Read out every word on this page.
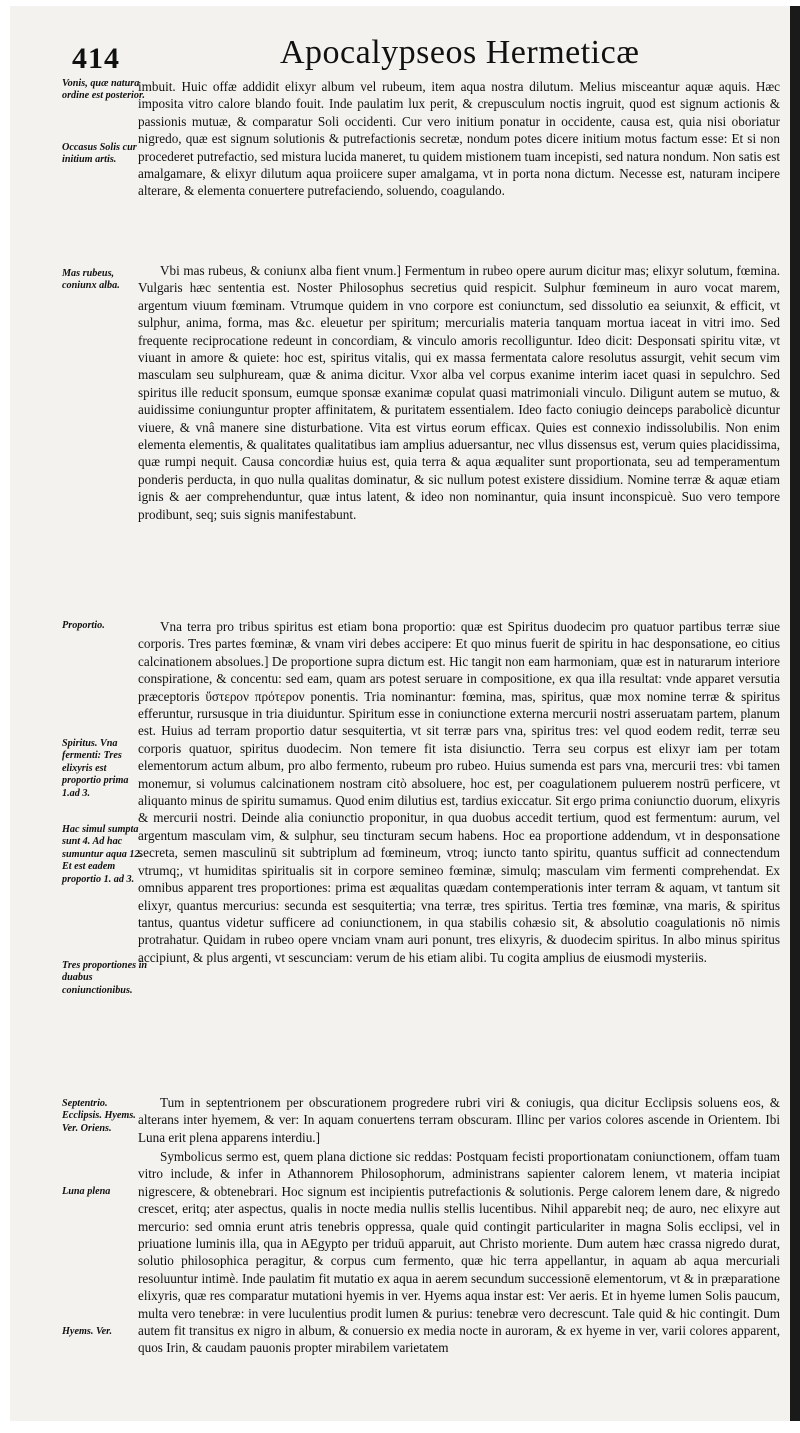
414	Apocalypseos Hermeticæ
Vonis, quæ natura ordine est posterior.
Occasus Solis cur initium artis.
Mas rubeus, coniunx alba.
Proportio.
Spiritus. Vna fermenti: Tres elixyris est proportio prima 1.ad 3.
Hac simul sumpta sunt 4. Ad hac sumuntur aqua 12. Et est eadem proportio 1. ad 3.
Tres proportiones in duabus coniunctionibus.
Septentrio. Ecclipsis. Hyems. Ver. Oriens.
Luna plena
Hyems. Ver.
imbuit. Huic offæ addidit elixyr album vel rubeum, item aqua nostra dilutum. Melius misceantur aquæ aquis. Hæc imposita vitro calore blando fouit. Inde paulatim lux perit, & crepusculum noctis ingruit, quod est signum actionis & passionis mutuæ, & comparatur Soli occidenti. Cur vero initium ponatur in occidente, causa est, quia nisi oboriatur nigredo, quæ est signum solutionis & putrefactionis secretæ, nondum potes dicere initium motus factum esse: Et si non procederet putrefactio, sed mistura lucida maneret, tu quidem mistionem tuam incepisti, sed natura nondum. Non satis est amalgamare, & elixyr dilutum aqua proiicere super amalgama, vt in porta nona dictum. Necesse est, naturam incipere alterare, & elementa conuertere putrefaciendo, soluendo, coagulando.
Vbi mas rubeus, & coniunx alba fient vnum.] Fermentum in rubeo opere aurum dicitur mas; elixyr solutum, fœmina. Vulgaris hæc sententia est. Noster Philosophus secretius quid respicit. Sulphur fœmineum in auro vocat marem, argentum viuum fœminam. Vtrumque quidem in vno corpore est coniunctum, sed dissolutio ea seiunxit, & efficit, vt sulphur, anima, forma, mas &c. eleuetur per spiritum; mercurialis materia tanquam mortua iaceat in vitri imo. Sed frequente reciprocatione redeunt in concordiam, & vinculo amoris recolliguntur. Ideo dicit: Desponsati spiritu vitæ, vt viuant in amore & quiete: hoc est, spiritus vitalis, qui ex massa fermentata calore resolutus assurgit, vehit secum vim masculam seu sulphuream, quæ & anima dicitur. Vxor alba vel corpus exanime interim iacet quasi in sepulchro. Sed spiritus ille reducit sponsum, eumque sponsæ exanimæ copulat quasi matrimoniali vinculo. Diligunt autem se mutuo, & auidissime coniunguntur propter affinitatem, & puritatem essentialem. Ideo facto coniugio deinceps parabolicè dicuntur viuere, & vnâ manere sine disturbatione. Vita est virtus eorum efficax. Quies est connexio indissolubilis. Non enim elementa elementis, & qualitates qualitatibus iam amplius aduersantur, nec vllus dissensus est, verum quies placidissima, quæ rumpi nequit. Causa concordiæ huius est, quia terra & aqua æqualiter sunt proportionata, seu ad temperamentum ponderis perducta, in quo nulla qualitas dominatur, & sic nullum potest existere dissidium. Nomine terræ & aquæ etiam ignis & aer comprehenduntur, quæ intus latent, & ideo non nominantur, quia insunt inconspicuè. Suo vero tempore prodibunt, seq; suis signis manifestabunt.
Vna terra pro tribus spiritus est etiam bona proportio: quæ est Spiritus duodecim pro quatuor partibus terræ siue corporis. Tres partes fœminæ, & vnam viri debes accipere: Et quo minus fuerit de spiritu in hac desponsatione, eo citius calcinationem absolues.] De proportione supra dictum est. Hic tangit non eam harmoniam, quæ est in naturarum interiore conspiratione, & concentu: sed eam, quam ars potest seruare in compositione, ex qua illa resultat: vnde apparet versutia præceptoris ὕστερον πρότερον ponentis. Tria nominantur: fœmina, mas, spiritus, quæ mox nomine terræ & spiritus efferuntur, rursusque in tria diuiduntur. Spiritum esse in coniunctione externa mercurii nostri asseruatam partem, planum est. Huius ad terram proportio datur sesquitertia, vt sit terræ pars vna, spiritus tres: vel quod eodem redit, terræ seu corporis quatuor, spiritus duodecim. Non temere fit ista disiunctio. Terra seu corpus est elixyr iam per totam elementorum actum album, pro albo fermento, rubeum pro rubeo. Huius sumenda est pars vna, mercurii tres: vbi tamen monemur, si volumus calcinationem nostram citò absoluere, hoc est, per coagulationem puluerem nostrū perficere, vt aliquanto minus de spiritu sumamus. Quod enim dilutius est, tardius exiccatur. Sit ergo prima coniunctio duorum, elixyris & mercurii nostri. Deinde alia coniunctio proponitur, in qua duobus accedit tertium, quod est fermentum: aurum, vel argentum masculam vim, & sulphur, seu tincturam secum habens. Hoc ea proportione addendum, vt in desponsatione secreta, semen masculinū sit subtriplum ad fœmineum, vtroq; iuncto tanto spiritu, quantus sufficit ad connectendum vtrumq;, vt humiditas spiritualis sit in corpore semineo fœminæ, simulq; masculam vim fermenti comprehendat. Ex omnibus apparent tres proportiones: prima est æqualitas quædam contemperationis inter terram & aquam, vt tantum sit elixyr, quantus mercurius: secunda est sesquitertia; vna terræ, tres spiritus. Tertia tres fœminæ, vna maris, & spiritus tantus, quantus videtur sufficere ad coniunctionem, in qua stabilis cohæsio sit, & absolutio coagulationis nō nimis protrahatur. Quidam in rubeo opere vnciam vnam auri ponunt, tres elixyris, & duodecim spiritus. In albo minus spiritus accipiunt, & plus argenti, vt sescunciam: verum de his etiam alibi. Tu cogita amplius de eiusmodi mysteriis.
Tum in septentrionem per obscurationem progredere rubri viri & coniugis, qua dicitur Ecclipsis soluens eos, & alterans inter hyemem, & ver: In aquam conuertens terram obscuram. Illinc per varios colores ascende in Orientem. Ibi Luna erit plena apparens interdiu.]
Symbolicus sermo est, quem plana dictione sic reddas: Postquam fecisti proportionatam coniunctionem, offam tuam vitro include, & infer in Athannorem Philosophorum, administrans sapienter calorem lenem, vt materia incipiat nigrescere, & obtenebrari. Hoc signum est incipientis putrefactionis & solutionis. Perge calorem lenem dare, & nigredo crescet, eritq; ater aspectus, qualis in nocte media nullis stellis lucentibus. Nihil apparebit neq; de auro, nec elixyre aut mercurio: sed omnia erunt atris tenebris oppressa, quale quid contingit particulariter in magna Solis ecclipsi, vel in priuatione luminis illa, qua in AEgypto per triduū apparuit, aut Christo moriente. Dum autem hæc crassa nigredo durat, solutio philosophica peragitur, & corpus cum fermento, quæ hic terra appellantur, in aquam ab aqua mercuriali resoluuntur intimè. Inde paulatim fit mutatio ex aqua in aerem secundum successionē elementorum, vt & in præparatione elixyris, quæ res comparatur mutationi hyemis in ver. Hyems aqua instar est: Ver aeris. Et in hyeme lumen Solis paucum, multa vero tenebræ: in vere luculentius prodit lumen & purius: tenebræ vero decrescunt. Tale quid & hic contingit. Dum autem fit transitus ex nigro in album, & conuersio ex media nocte in auroram, & ex hyeme in ver, varii colores apparent, quos Irin, & caudam pauonis propter mirabilem varietatem
